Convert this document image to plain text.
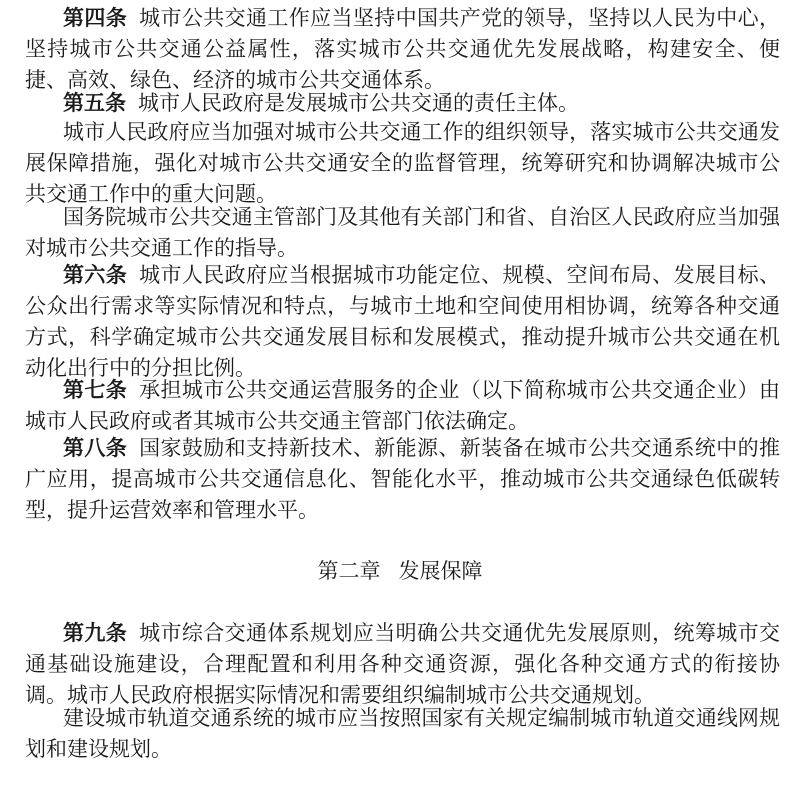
第四条 城市公共交通工作应当坚持中国共产党的领导，坚持以人民为中心，坚持城市公共交通公益属性，落实城市公共交通优先发展战略，构建安全、便捷、高效、绿色、经济的城市公共交通体系。

第五条 城市人民政府是发展城市公共交通的责任主体。

城市人民政府应当加强对城市公共交通工作的组织领导，落实城市公共交通发展保障措施，强化对城市公共交通安全的监督管理，统筹研究和协调解决城市公共交通工作中的重大问题。

国务院城市公共交通主管部门及其他有关部门和省、自治区人民政府应当加强对城市公共交通工作的指导。

第六条 城市人民政府应当根据城市功能定位、规模、空间布局、发展目标、公众出行需求等实际情况和特点，与城市土地和空间使用相协调，统筹各种交通方式，科学确定城市公共交通发展目标和发展模式，推动提升城市公共交通在机动化出行中的分担比例。

第七条 承担城市公共交通运营服务的企业（以下简称城市公共交通企业）由城市人民政府或者其城市公共交通主管部门依法确定。

第八条 国家鼓励和支持新技术、新能源、新装备在城市公共交通系统中的推广应用，提高城市公共交通信息化、智能化水平，推动城市公共交通绿色低碳转型，提升运营效率和管理水平。

第二章 发展保障

第九条 城市综合交通体系规划应当明确公共交通优先发展原则，统筹城市交通基础设施建设，合理配置和利用各种交通资源，强化各种交通方式的衔接协调。城市人民政府根据实际情况和需要组织编制城市公共交通规划。

建设城市轨道交通系统的城市应当按照国家有关规定编制城市轨道交通线网规划和建设规划。
